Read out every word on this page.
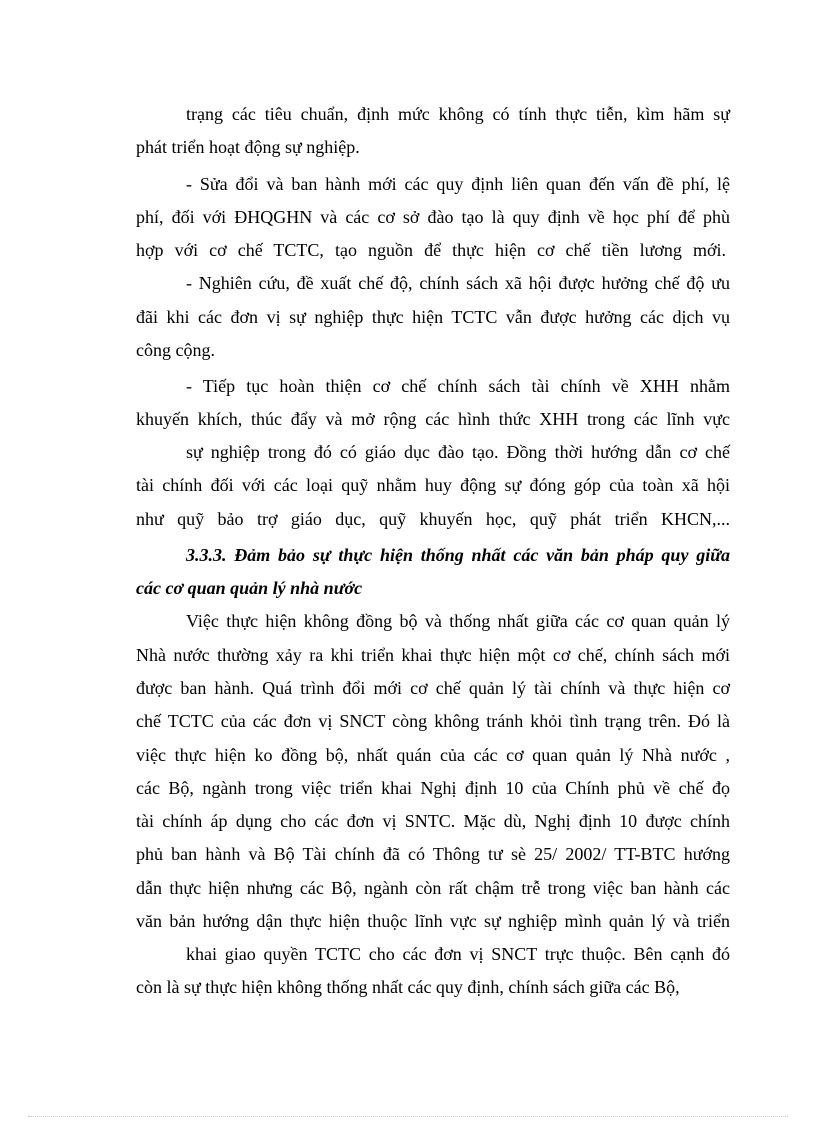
trạng các tiêu chuẩn, định mức không có tính thực tiễn, kìm hãm sự
phát triển hoạt động sự nghiệp.
- Sửa đổi và ban hành mới các quy định liên quan đến vấn đề phí, lệ
phí, đối với ĐHQGHN và các cơ sở đào tạo là quy định về học phí để phù
hợp với cơ chế TCTC, tạo nguồn để thực hiện cơ chế tiền lương mới.
- Nghiên cứu, đề xuất chế độ, chính sách xã hội được hưởng chế độ ưu
đãi khi các đơn vị sự nghiệp thực hiện TCTC vẫn được hưởng các dịch vụ
công cộng.
- Tiếp tục hoàn thiện cơ chế chính sách tài chính về XHH nhằm
khuyến khích, thúc đẩy và mở rộng các hình thức XHH trong các lĩnh vực
sự nghiệp trong đó có giáo dục đào tạo. Đồng thời hướng dẫn cơ chế
tài chính đối với các loại quỹ nhằm huy động sự đóng góp của toàn xã hội
như quỹ bảo trợ giáo dục, quỹ khuyến học, quỹ phát triển KHCN,...
3.3.3. Đảm bảo sự thực hiện thống nhất các văn bản pháp quy giữa
các cơ quan quản lý nhà nước
Việc thực hiện không đồng bộ và thống nhất giữa các cơ quan quản lý
Nhà nước thường xảy ra khi triển khai thực hiện một cơ chế, chính sách mới
được ban hành. Quá trình đổi mới cơ chế quản lý tài chính và thực hiện cơ
chế TCTC của các đơn vị SNCT còng không tránh khỏi tình trạng trên. Đó là
việc thực hiện ko đồng bộ, nhất quán của các cơ quan quản lý Nhà nước ,
các Bộ, ngành trong việc triển khai Nghị định 10 của Chính phủ về chế đọ
tài chính áp dụng cho các đơn vị SNTC. Mặc dù, Nghị định 10 được chính
phủ ban hành và Bộ Tài chính đã có Thông tư sè 25/ 2002/ TT-BTC hướng
dẫn thực hiện nhưng các Bộ, ngành còn rất chậm trễ trong việc ban hành các
văn bản hướng dận thực hiện thuộc lĩnh vực sự nghiệp mình quản lý và triển
khai giao quyền TCTC cho các đơn vị SNCT trực thuộc. Bên cạnh đó
còn là sự thực hiện không thống nhất các quy định, chính sách giữa các Bộ,
